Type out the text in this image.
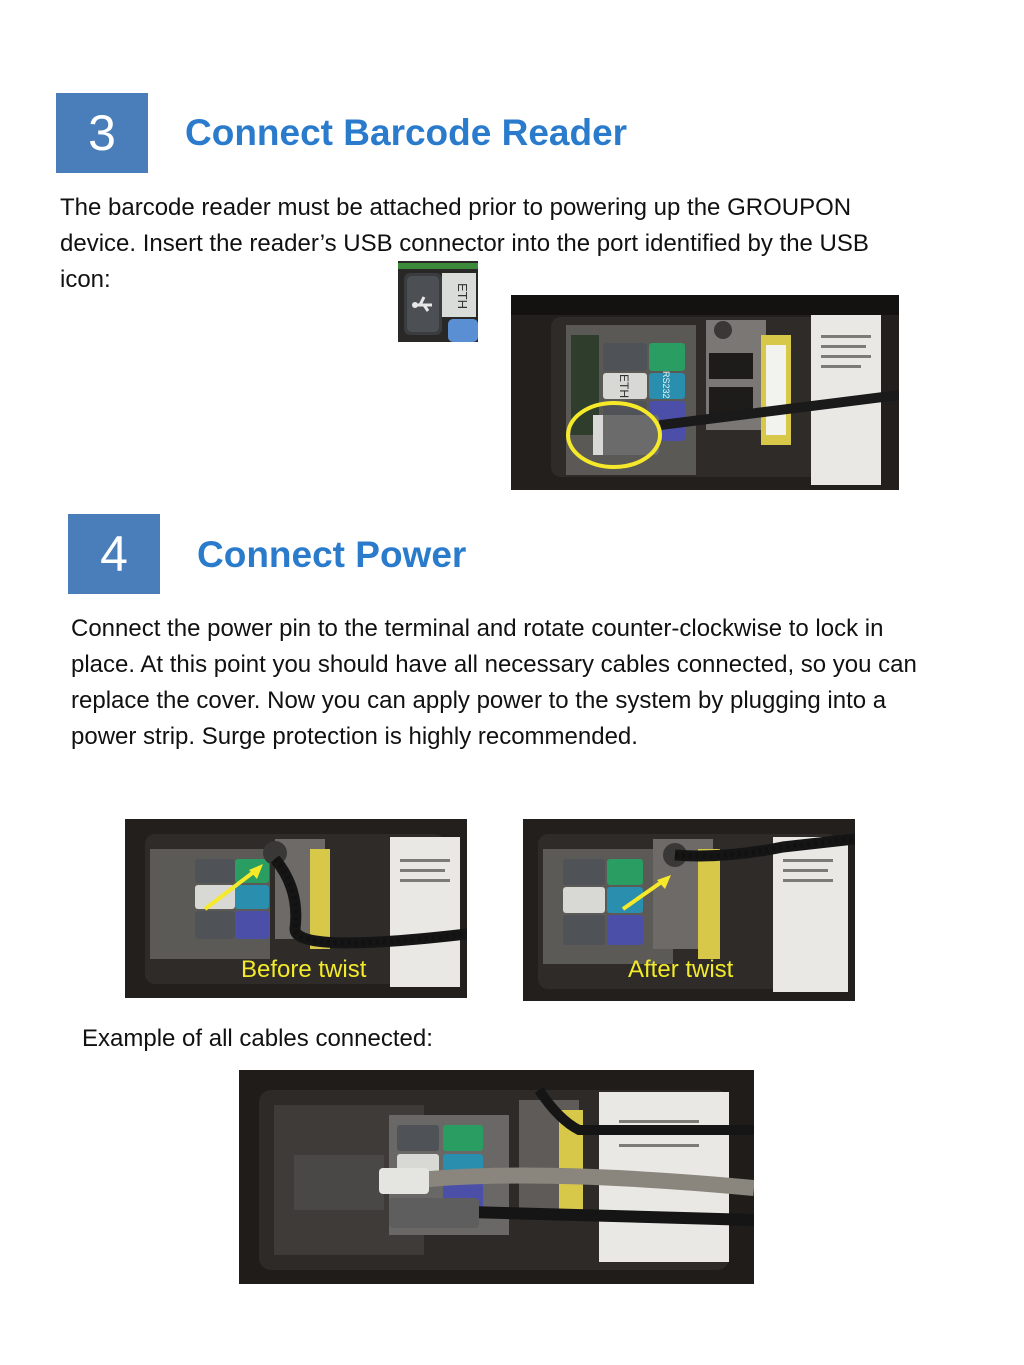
3 Connect Barcode Reader
The barcode reader must be attached prior to powering up the GROUPON device. Insert the reader’s USB connector into the port identified by the USB icon:
ETH
ETH	RS232
4 Connect Power
Connect the power pin to the terminal and rotate counter-clockwise to lock in place. At this point you should have all necessary cables connected, so you can replace the cover. Now you can apply power to the system by plugging into a power strip. Surge protection is highly recommended.
Before twist	After twist
Example of all cables connected:
